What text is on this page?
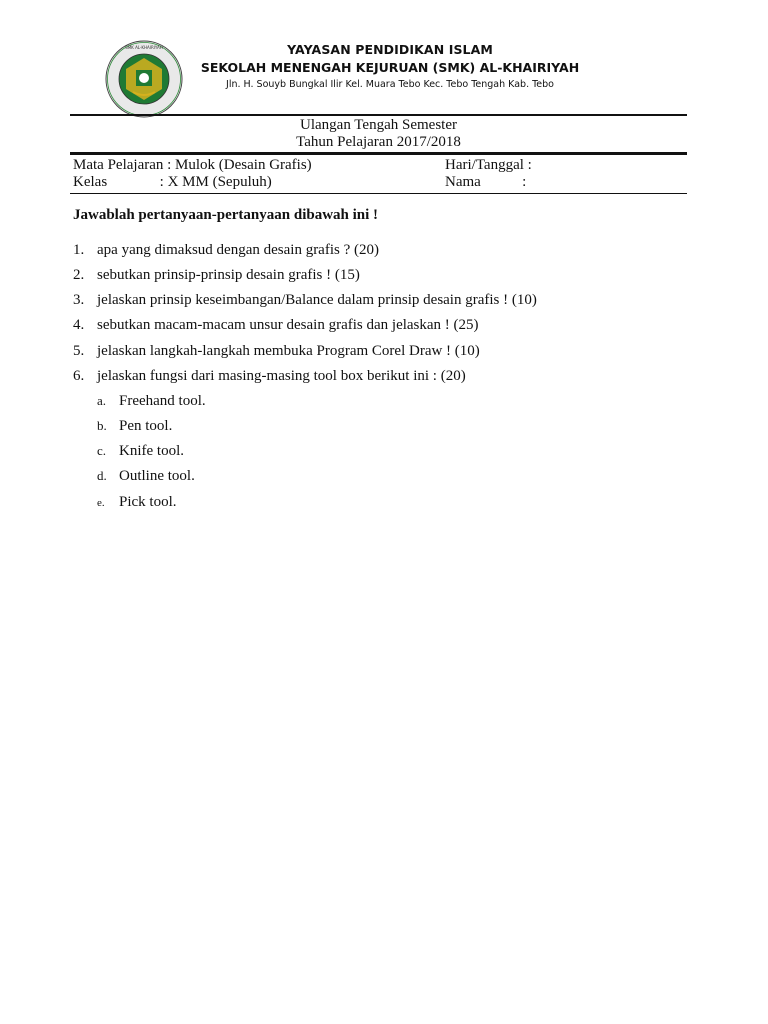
SMK AL-KHAIRIYAH	YAYASAN PENDIDIKAN ISLAM
SEKOLAH MENENGAH KEJURUAN (SMK) AL-KHAIRIYAH
Jln. H. Souyb Bungkal Ilir Kel. Muara Tebo Kec. Tebo Tengah Kab. Tebo
Ulangan Tengah Semester
Tahun Pelajaran 2017/2018
Mata Pelajaran : Mulok (Desain Grafis)
Kelas              : X MM (Sepuluh)
Hari/Tanggal :
Nama           :
Jawablah pertanyaan-pertanyaan dibawah ini !
1. apa yang dimaksud dengan desain grafis ? (20)
2. sebutkan prinsip-prinsip desain grafis ! (15)
3. jelaskan prinsip keseimbangan/Balance dalam prinsip desain grafis ! (10)
4. sebutkan macam-macam unsur desain grafis dan jelaskan ! (25)
5. jelaskan langkah-langkah membuka Program Corel Draw ! (10)
6. jelaskan fungsi dari masing-masing tool box berikut ini : (20)
a. Freehand tool.
b. Pen tool.
c. Knife tool.
d. Outline tool.
e. Pick tool.
